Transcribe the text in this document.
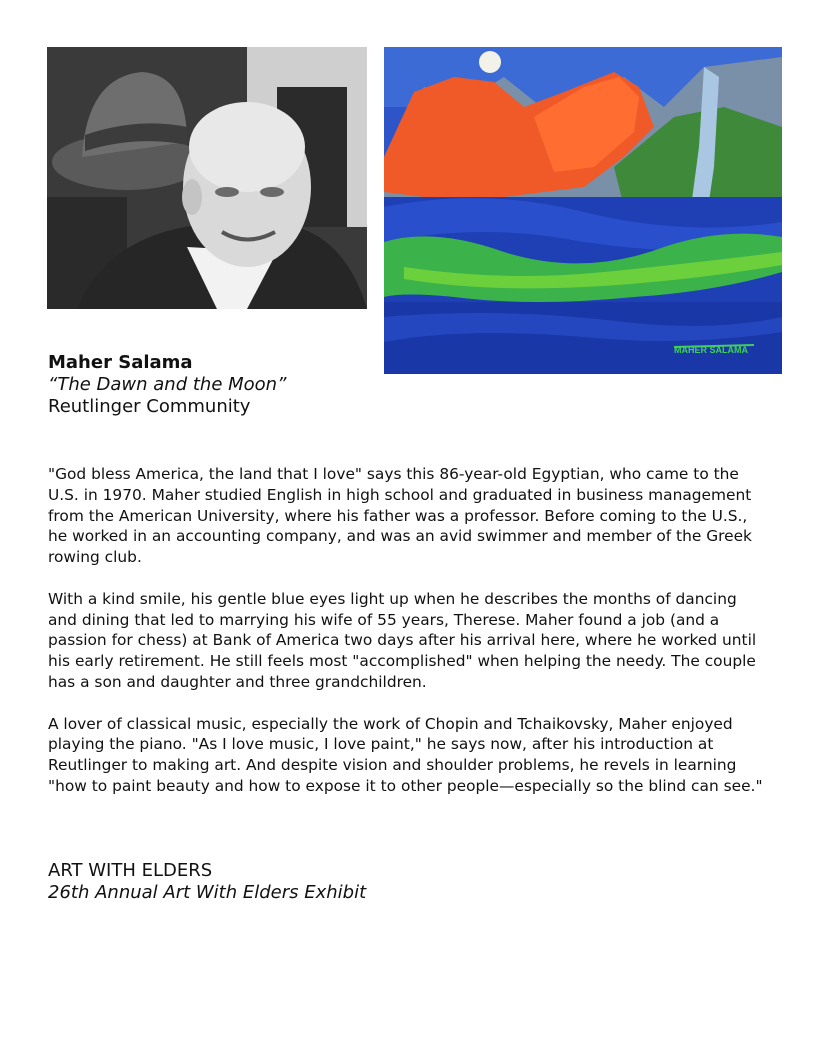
MAHER SALAMA
Maher Salama
“The Dawn and the Moon”
Reutlinger Community

"God bless America, the land that I love" says this 86-year-old Egyptian, who came to the U.S. in 1970. Maher studied English in high school and graduated in business management from the American University, where his father was a professor. Before coming to the U.S., he worked in an accounting company, and was an avid swimmer and member of the Greek rowing club.

With a kind smile, his gentle blue eyes light up when he describes the months of dancing and dining that led to marrying his wife of 55 years, Therese. Maher found a job (and a passion for chess) at Bank of America two days after his arrival here, where he worked until his early retirement. He still feels most "accomplished" when helping the needy. The couple has a son and daughter and three grandchildren.

A lover of classical music, especially the work of Chopin and Tchaikovsky, Maher enjoyed playing the piano. "As I love music, I love paint," he says now, after his introduction at Reutlinger to making art. And despite vision and shoulder problems, he revels in learning "how to paint beauty and how to expose it to other people—especially so the blind can see."

ART WITH ELDERS
26th Annual Art With Elders Exhibit
